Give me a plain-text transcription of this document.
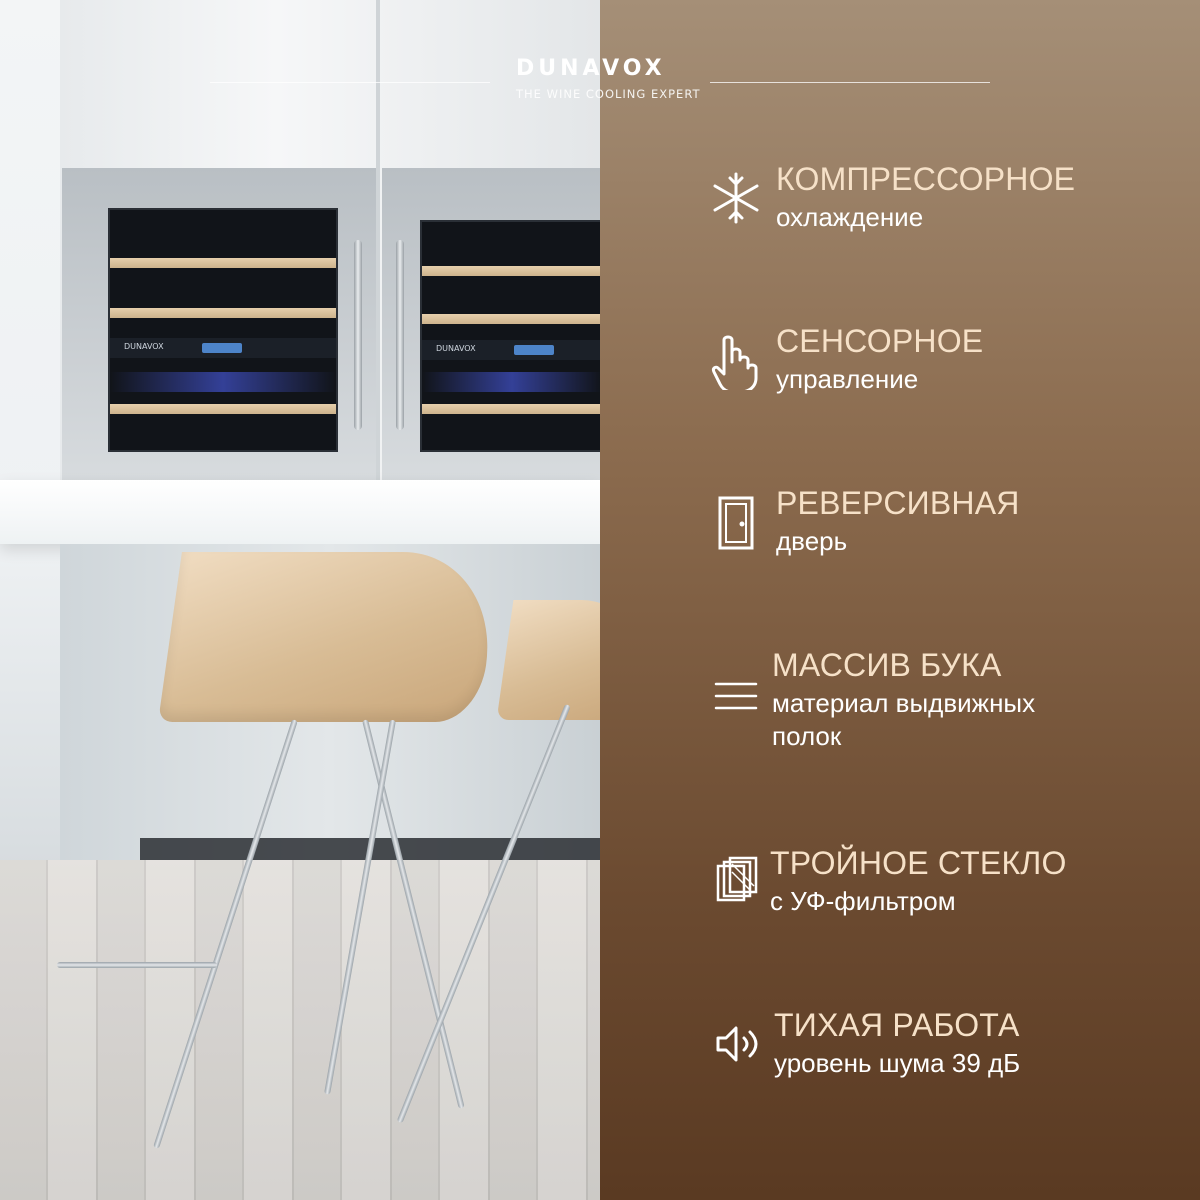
DUNAVOX	DUNAVOX
DUNAVOX
THE WINE COOLING EXPERT
КОМПРЕССОРНОЕ
охлаждение
СЕНСОРНОЕ
управление
РЕВЕРСИВНАЯ
дверь
МАССИВ БУКА
материал выдвижных полок
ТРОЙНОЕ СТЕКЛО
с УФ-фильтром
ТИХАЯ РАБОТА
уровень шума 39 дБ
